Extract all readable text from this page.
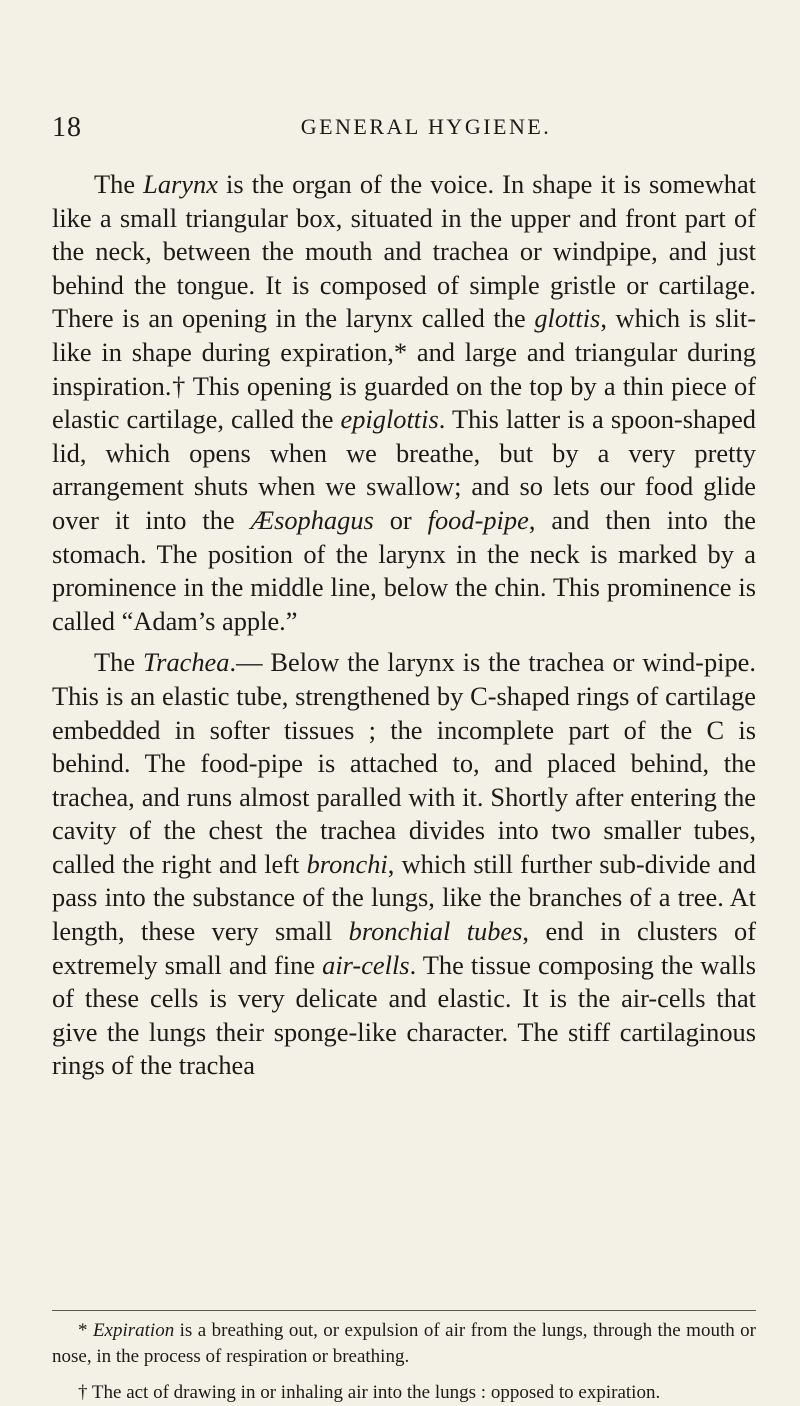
18	GENERAL HYGIENE.

The Larynx is the organ of the voice. In shape it is somewhat like a small triangular box, situated in the upper and front part of the neck, between the mouth and trachea or windpipe, and just behind the tongue. It is composed of simple gristle or cartilage. There is an opening in the larynx called the glottis, which is slit-like in shape during expiration,* and large and triangular during inspiration.† This opening is guarded on the top by a thin piece of elastic cartilage, called the epiglottis. This latter is a spoon-shaped lid, which opens when we breathe, but by a very pretty arrangement shuts when we swallow; and so lets our food glide over it into the Æsophagus or food-pipe, and then into the stomach. The position of the larynx in the neck is marked by a prominence in the middle line, below the chin. This prominence is called “Adam’s apple.”

The Trachea.— Below the larynx is the trachea or wind-pipe. This is an elastic tube, strengthened by C-shaped rings of cartilage embedded in softer tissues ; the incomplete part of the C is behind. The food-pipe is attached to, and placed behind, the trachea, and runs almost paralled with it. Shortly after entering the cavity of the chest the trachea divides into two smaller tubes, called the right and left bronchi, which still further sub-divide and pass into the substance of the lungs, like the branches of a tree. At length, these very small bronchial tubes, end in clusters of extremely small and fine air-cells. The tissue composing the walls of these cells is very delicate and elastic. It is the air-cells that give the lungs their sponge-like character. The stiff cartilaginous rings of the trachea

* Expiration is a breathing out, or expulsion of air from the lungs, through the mouth or nose, in the process of respiration or breathing.

† The act of drawing in or inhaling air into the lungs : opposed to expiration.
